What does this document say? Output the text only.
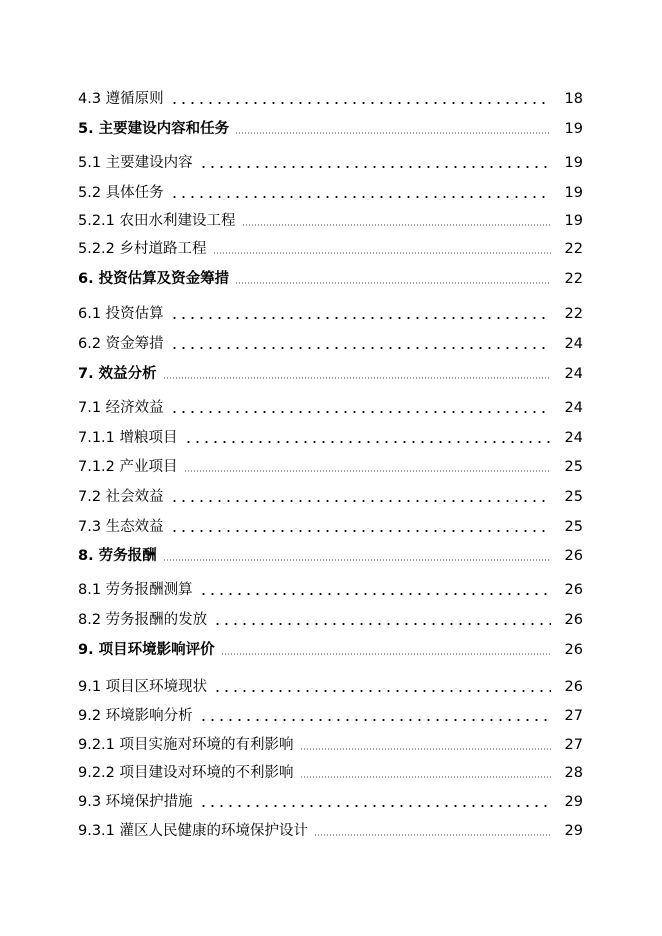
4.3 遵循原则	18
5. 主要建设内容和任务	19
5.1 主要建设内容	19
5.2 具体任务	19
5.2.1 农田水利建设工程	19
5.2.2 乡村道路工程	22
6. 投资估算及资金筹措	22
6.1 投资估算	22
6.2 资金筹措	24
7. 效益分析	24
7.1 经济效益	24
7.1.1 增粮项目	24
7.1.2 产业项目	25
7.2 社会效益	25
7.3 生态效益	25
8. 劳务报酬	26
8.1 劳务报酬测算	26
8.2 劳务报酬的发放	26
9. 项目环境影响评价	26
9.1 项目区环境现状	26
9.2 环境影响分析	27
9.2.1 项目实施对环境的有利影响	27
9.2.2 项目建设对环境的不利影响	28
9.3 环境保护措施	29
9.3.1 灌区人民健康的环境保护设计	29
